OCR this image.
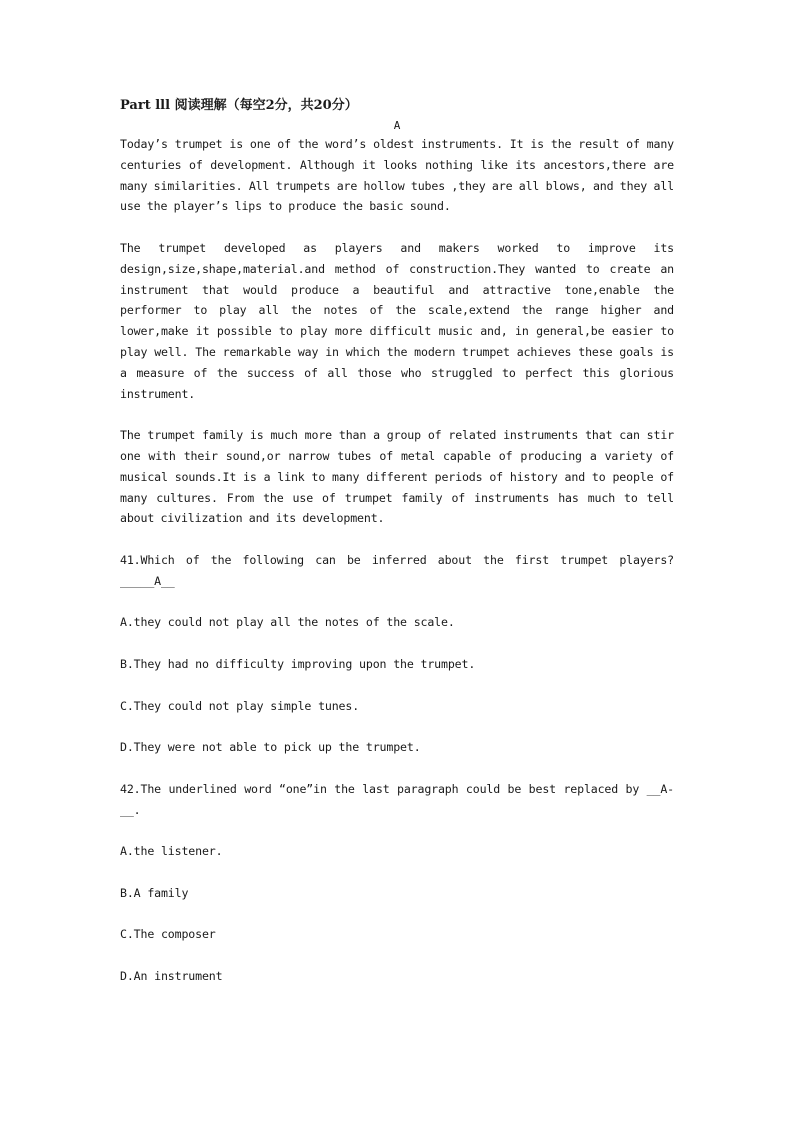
Part lll 阅读理解（每空2分，共20分）

A

Today’s trumpet is one of the word’s oldest instruments. It is the result of many centuries of development. Although it looks nothing like its ancestors,there are many similarities. All trumpets are hollow tubes ,they are all blows, and they all use the player’s lips to produce the basic sound.

The trumpet developed as players and makers worked to improve its design,size,shape,material.and method of construction.They wanted to create an instrument that would produce a beautiful and attractive tone,enable the performer to play all the notes of the scale,extend the range higher and lower,make it possible to play more difficult music and, in general,be easier to play well. The remarkable way in which the modern trumpet achieves these goals is a measure of the success of all those who struggled to perfect this glorious instrument.

The trumpet family is much more than a group of related instruments that can stir one with their sound,or narrow tubes of metal capable of producing a variety of musical sounds.It is a link to many different periods of history and to people of many cultures. From the use of trumpet family of instruments has much to tell about civilization and its development.

41.Which of the following can be inferred about the first trumpet players?_____A__

A.they could not play all the notes of the scale.

B.They had no difficulty improving upon the trumpet.

C.They could not play simple tunes.

D.They were not able to pick up the trumpet.

42.The underlined word “one”in the last paragraph could be best replaced by __A-__.

A.the listener.

B.A family

C.The composer

D.An instrument
